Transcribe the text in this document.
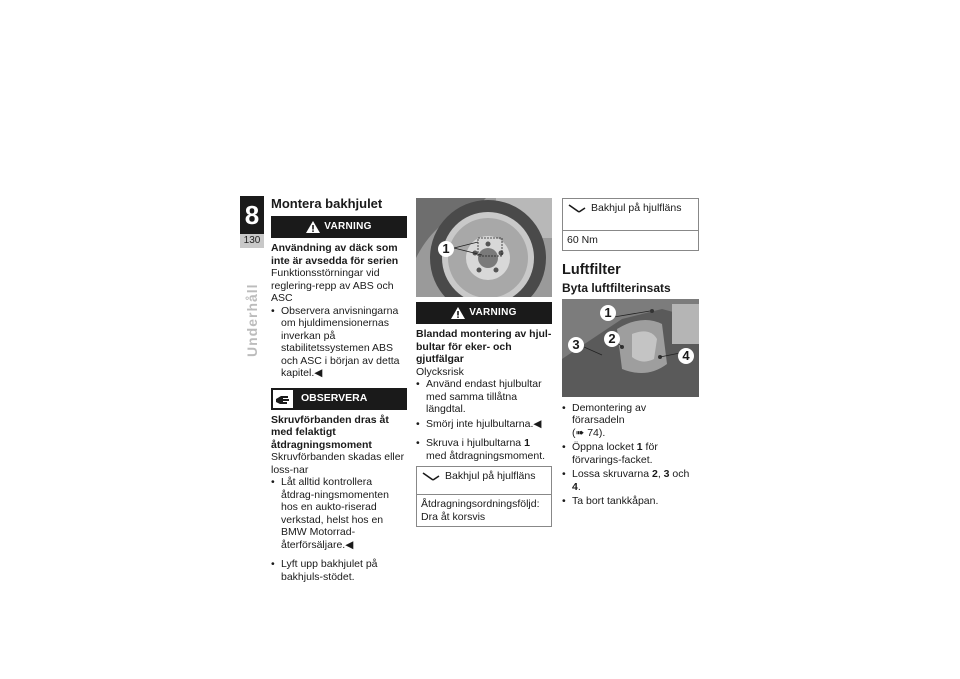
8
130
Underhåll
Montera bakhjulet
VARNING
Användning av däck som inte är avsedda för serien
Funktionsstörningar vid reglering-repp av ABS och ASC
• Observera anvisningarna om hjuldimensionernas inverkan på stabilitetssystemen ABS och ASC i början av detta kapitel.◀
OBSERVERA
Skruvförbanden dras åt med felaktigt åtdragningsmoment
Skruvförbanden skadas eller loss-nar
• Låt alltid kontrollera åtdrag-ningsmomenten hos en aukto-riserad verkstad, helst hos en BMW Motorrad-återförsäljare.◀
• Lyft upp bakhjulet på bakhjuls-stödet.
1
VARNING
Blandad montering av hjul-bultar för eker- och gjutfälgar
Olycksrisk
• Använd endast hjulbultar med samma tillåtna längdtal.
• Smörj inte hjulbultarna.◀
• Skruva i hjulbultarna 1 med åtdragningsmoment.
Bakhjul på hjulfläns
Åtdragningsordningsföljd: Dra åt korsvis
Bakhjul på hjulfläns
60 Nm
Luftfilter
Byta luftfilterinsats
1
2
3
4
• Demontering av förarsadeln
(➠ 74).
• Öppna locket 1 för förvarings-facket.
• Lossa skruvarna 2, 3 och 4.
• Ta bort tankkåpan.
